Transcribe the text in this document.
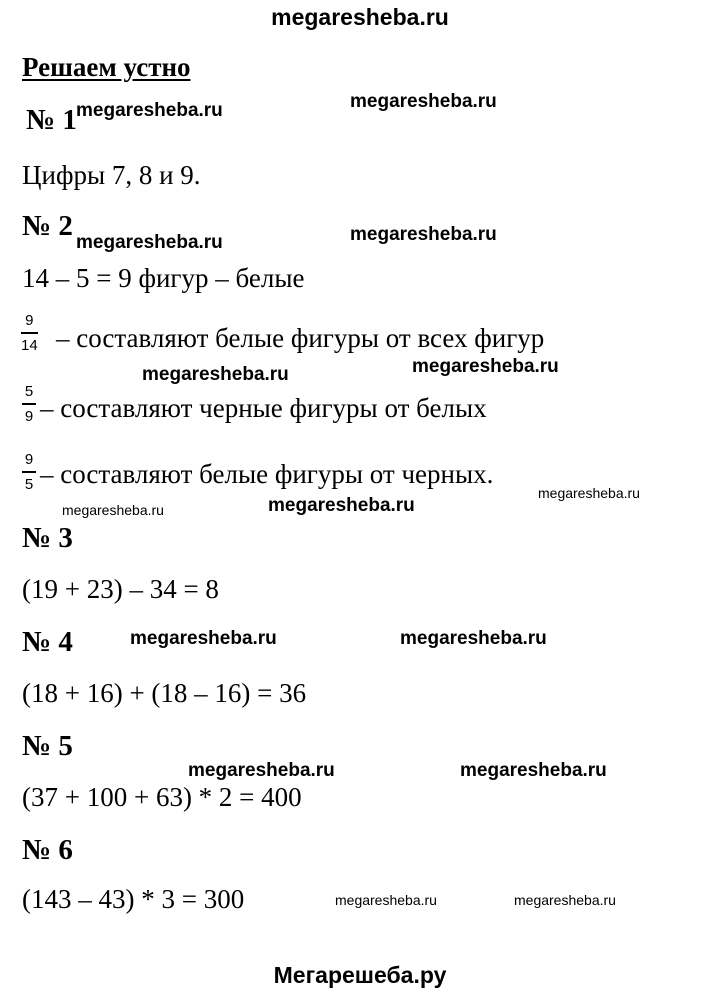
megaresheba.ru
Решаем устно
№ 1 megaresheba.ru	megaresheba.ru
Цифры 7, 8 и 9.
№ 2
megaresheba.ru	megaresheba.ru
14 – 5 = 9 фигур – белые
9
14 – составляют белые фигуры от всех фигур
megaresheba.ru	megaresheba.ru
5
9 – составляют черные фигуры от белых
9
5 – составляют белые фигуры от черных.
megaresheba.ru
megaresheba.ru	megaresheba.ru
№ 3
(19 + 23) – 34 = 8
№ 4	megaresheba.ru	megaresheba.ru
(18 + 16) + (18 – 16) = 36
№ 5
megaresheba.ru	megaresheba.ru
(37 + 100 + 63) * 2 = 400
№ 6
(143 – 43) * 3 = 300	megaresheba.ru	megaresheba.ru
Мегарешеба.ру
